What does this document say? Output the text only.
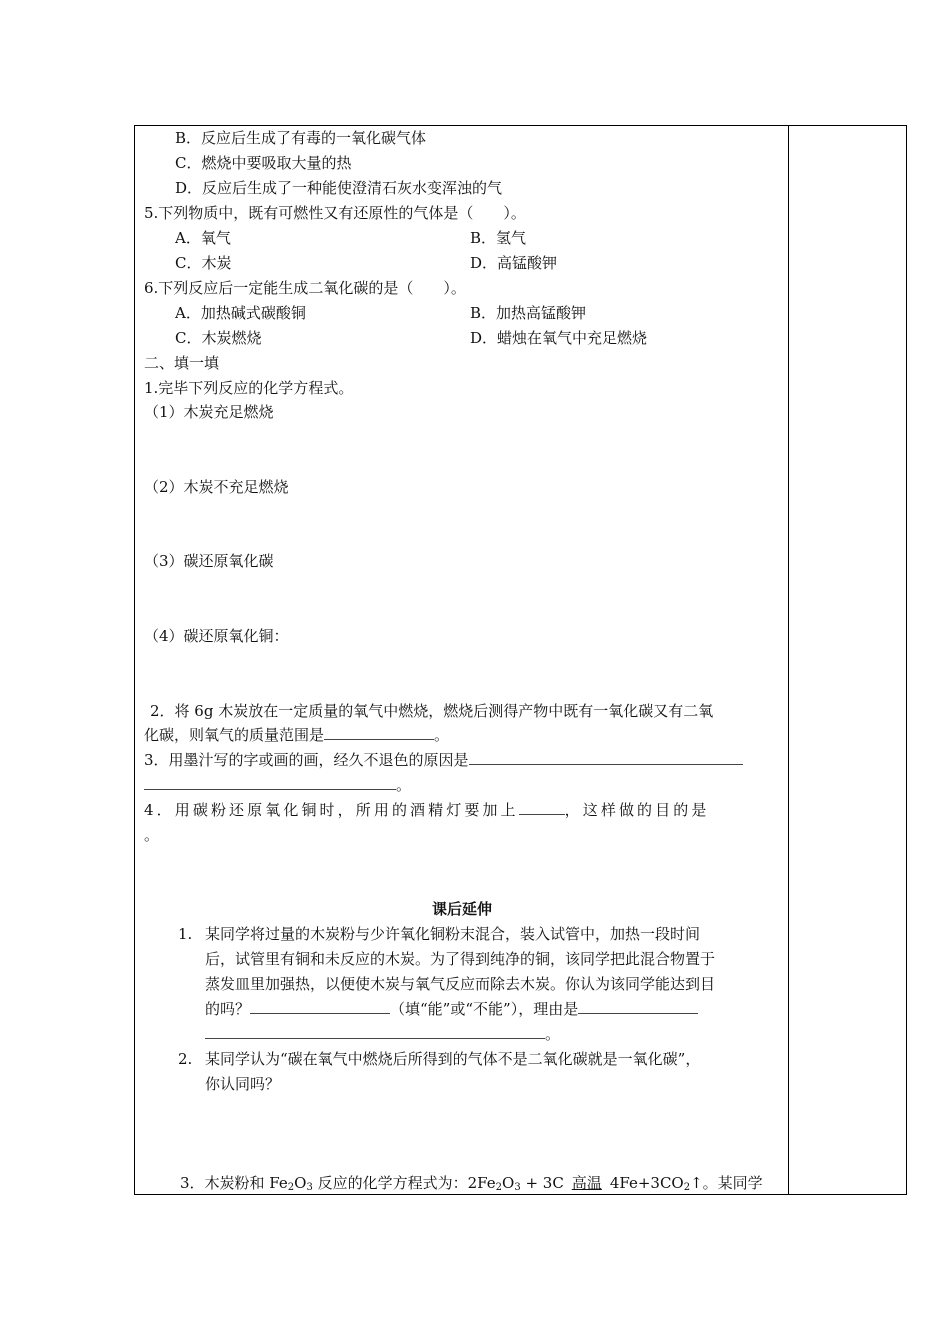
B．反应后生成了有毒的一氧化碳气体
C．燃烧中要吸取大量的热
D．反应后生成了一种能使澄清石灰水变浑浊的气
5.下列物质中，既有可燃性又有还原性的气体是（　　）。
A．氧气	B．氢气
C．木炭	D．高锰酸钾
6.下列反应后一定能生成二氧化碳的是（　　）。
A．加热碱式碳酸铜	B．加热高锰酸钾
C．木炭燃烧	D．蜡烛在氧气中充足燃烧
二、填一填
1.完毕下列反应的化学方程式。
（1）木炭充足燃烧
（2）木炭不充足燃烧
（3）碳还原氧化碳
（4）碳还原氧化铜：
2．将 6g 木炭放在一定质量的氧气中燃烧，燃烧后测得产物中既有一氧化碳又有二氧
化碳，则氧气的质量范围是	。
3．用墨汁写的字或画的画，经久不退色的原因是
。
4．用碳粉还原氧化铜时，所用的酒精灯要加上	，这样做的目的是
。
课后延伸
1. 某同学将过量的木炭粉与少许氧化铜粉末混合，装入试管中，加热一段时间
后，试管里有铜和未反应的木炭。为了得到纯净的铜，该同学把此混合物置于
蒸发皿里加强热，以便使木炭与氧气反应而除去木炭。你认为该同学能达到目
的吗？	（填“能”或“不能”），理由是
。
2. 某同学认为“碳在氧气中燃烧后所得到的气体不是二氧化碳就是一氧化碳”，
你认同吗？
3．木炭粉和 $Fe_2O_3$ 反应的化学方程式为：$2Fe_2O_3 + 3C$ 高温 $4Fe+3CO_2↑$。某同学
